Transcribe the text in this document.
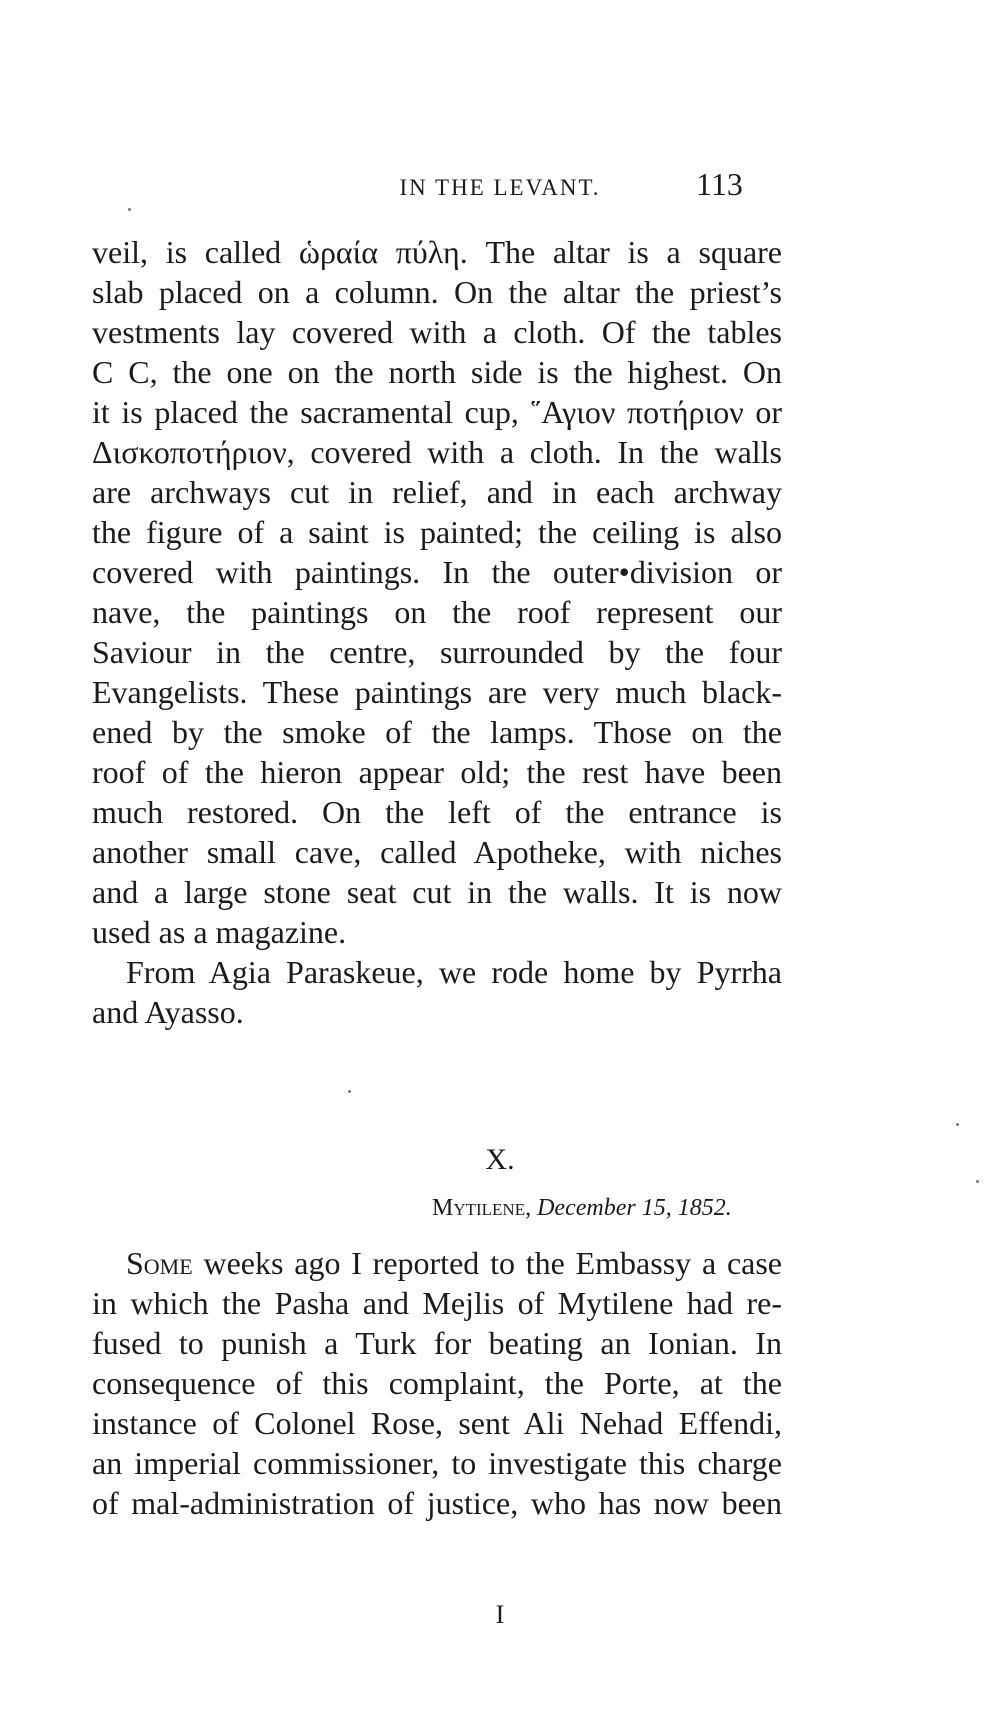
IN THE LEVANT.	113
veil, is called ὡραία πύλη. The altar is a square
slab placed on a column. On the altar the priest’s
vestments lay covered with a cloth. Of the tables
C C, the one on the north side is the highest. On
it is placed the sacramental cup, ῞Αγιον ποτήριον or
Δισκοποτήριον, covered with a cloth. In the walls
are archways cut in relief, and in each archway
the figure of a saint is painted; the ceiling is also
covered with paintings. In the outer•division or
nave, the paintings on the roof represent our
Saviour in the centre, surrounded by the four
Evangelists. These paintings are very much black-
ened by the smoke of the lamps. Those on the
roof of the hieron appear old; the rest have been
much restored. On the left of the entrance is
another small cave, called Apotheke, with niches
and a large stone seat cut in the walls. It is now
used as a magazine.
From Agia Paraskeue, we rode home by Pyrrha
and Ayasso.
X.
Mytilene, December 15, 1852.
Some weeks ago I reported to the Embassy a case
in which the Pasha and Mejlis of Mytilene had re-
fused to punish a Turk for beating an Ionian. In
consequence of this complaint, the Porte, at the
instance of Colonel Rose, sent Ali Nehad Effendi,
an imperial commissioner, to investigate this charge
of mal-administration of justice, who has now been
I
